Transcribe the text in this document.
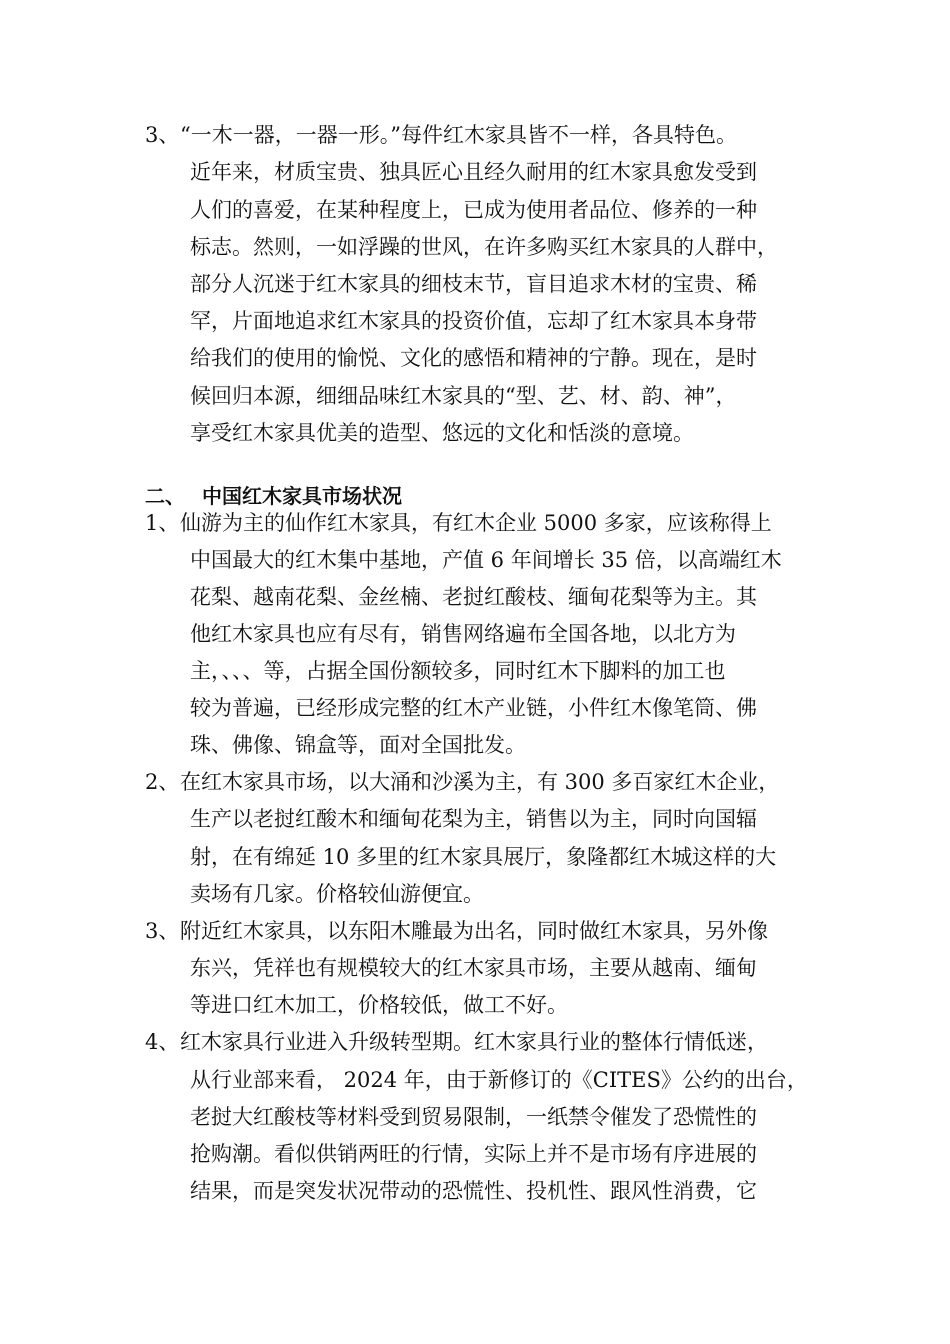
3、 “一木一器，一器一形。”每件红木家具皆不一样，各具特色。
近年来，材质宝贵、独具匠心且经久耐用的红木家具愈发受到
人们的喜爱，在某种程度上，已成为使用者品位、修养的一种
标志。然则，一如浮躁的世风，在许多购买红木家具的人群中，
部分人沉迷于红木家具的细枝末节，盲目追求木材的宝贵、稀
罕，片面地追求红木家具的投资价值，忘却了红木家具本身带
给我们的使用的愉悦、文化的感悟和精神的宁静。现在，是时
候回归本源，细细品味红木家具的“型、艺、材、韵、神”，
享受红木家具优美的造型、悠远的文化和恬淡的意境。
二、 中国红木家具市场状况
1、 仙游为主的仙作红木家具，有红木企业 5000 多家，应该称得上
中国最大的红木集中基地，产值 6 年间增长 35 倍，以高端红木
花梨、越南花梨、金丝楠、老挝红酸枝、缅甸花梨等为主。其
他红木家具也应有尽有，销售网络遍布全国各地，以北方为
主，、、、等，占据全国份额较多，同时红木下脚料的加工也
较为普遍，已经形成完整的红木产业链，小件红木像笔筒、佛
珠、佛像、锦盒等，面对全国批发。
2、 在红木家具市场，以大涌和沙溪为主，有 300 多百家红木企业，
生产以老挝红酸木和缅甸花梨为主，销售以为主，同时向国辐
射，在有绵延 10 多里的红木家具展厅，象隆都红木城这样的大
卖场有几家。价格较仙游便宜。
3、 附近红木家具，以东阳木雕最为出名，同时做红木家具，另外像
东兴，凭祥也有规模较大的红木家具市场，主要从越南、缅甸
等进口红木加工，价格较低，做工不好。
4、 红木家具行业进入升级转型期。红木家具行业的整体行情低迷，
从行业部来看， 2024 年，由于新修订的《CITES》公约的出台，
老挝大红酸枝等材料受到贸易限制，一纸禁令催发了恐慌性的
抢购潮。看似供销两旺的行情，实际上并不是市场有序进展的
结果，而是突发状况带动的恐慌性、投机性、跟风性消费，它
